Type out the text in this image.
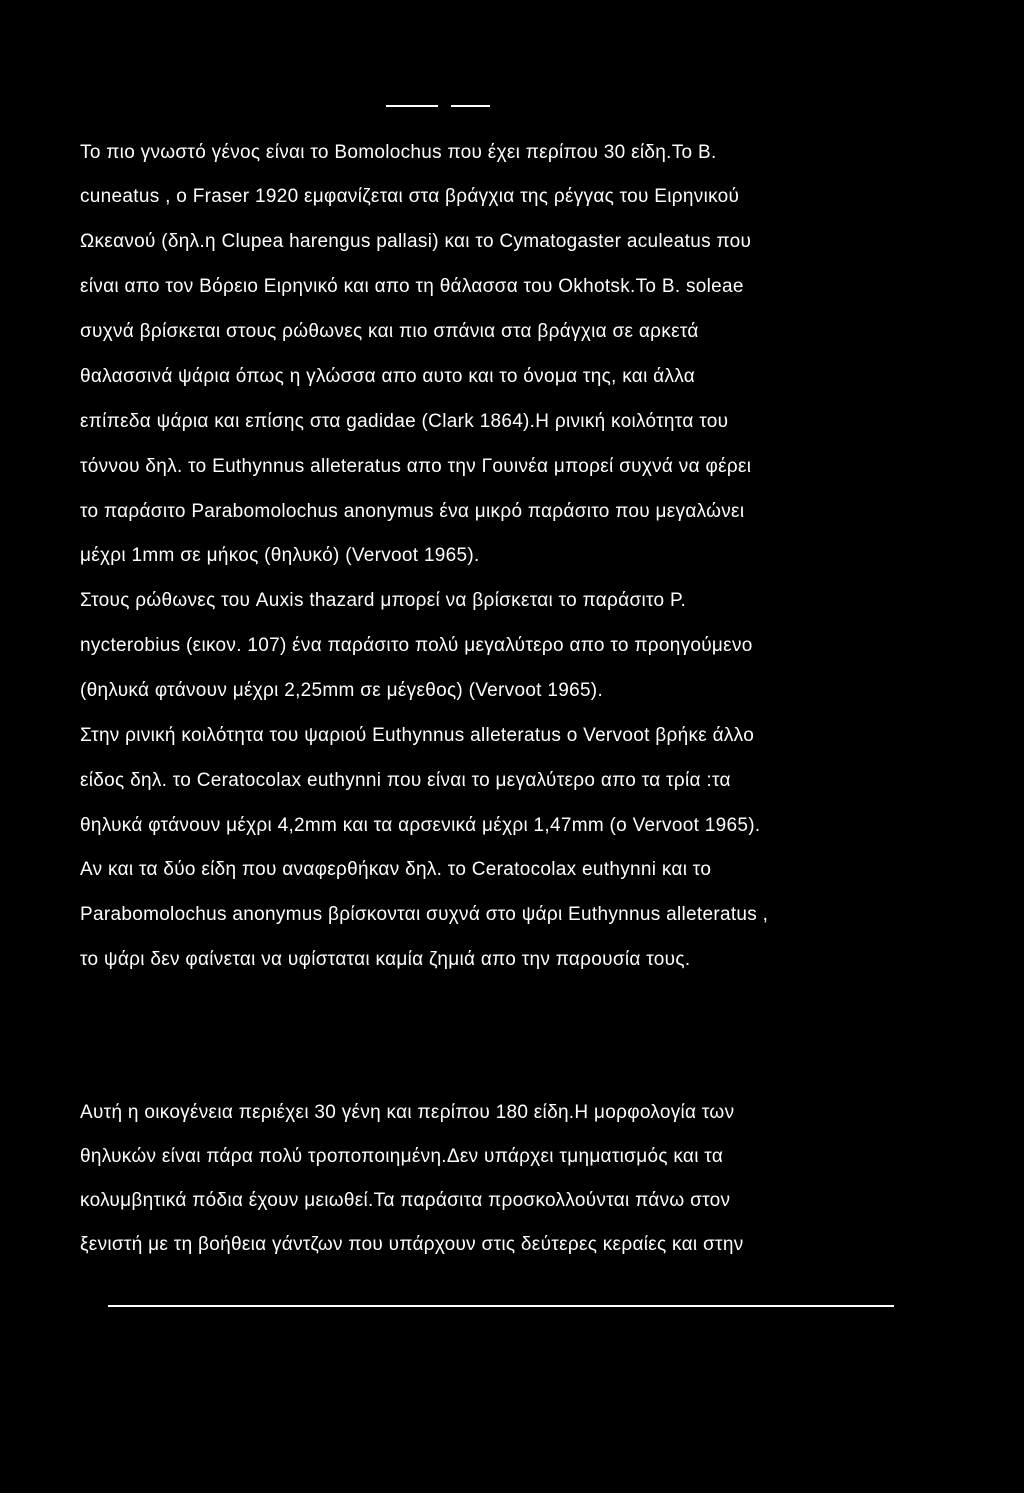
Το πιο γνωστό γένος είναι το Bomolochus που έχει περίπου 30 είδη.Το Β.
cuneatus , ο Fraser 1920 εμφανίζεται στα βράγχια της ρέγγας του Ειρηνικού
Ωκεανού (δηλ.η Clupea harengus pallasi) και το Cymatogaster aculeatus που
είναι απο τον Βόρειο Ειρηνικό και απο τη θάλασσα του Okhotsk.Το Β. soleae
συχνά βρίσκεται στους ρώθωνες και πιο σπάνια στα βράγχια σε αρκετά
θαλασσινά ψάρια όπως η γλώσσα απο αυτο και το όνομα της, και άλλα
επίπεδα ψάρια και επίσης στα gadidae (Clark 1864).Η ρινική κοιλότητα του
τόννου δηλ. το Euthynnus alleteratus απο την Γουινέα μπορεί συχνά να φέρει
το παράσιτο Parabomolochus anonymus ένα μικρό παράσιτο που μεγαλώνει
μέχρι 1mm σε μήκος (θηλυκό) (Vervoot 1965).
Στους ρώθωνες του Auxis thazard μπορεί να βρίσκεται το παράσιτο Ρ.
nycterobius (εικον. 107) ένα παράσιτο πολύ μεγαλύτερο απο το προηγούμενο
(θηλυκά φτάνουν μέχρι 2,25mm σε μέγεθος) (Vervoot 1965).
Στην ρινική κοιλότητα του ψαριού Euthynnus alleteratus ο Vervoot βρήκε άλλο
είδος δηλ. το Ceratocolax euthynni που είναι το μεγαλύτερο απο τα τρία :τα
θηλυκά φτάνουν μέχρι 4,2mm και τα αρσενικά μέχρι 1,47mm (ο Vervoot 1965).
Αν και τα δύο είδη που αναφερθήκαν δηλ. το Ceratocolax euthynni και το
Parabomolochus anonymus βρίσκονται συχνά στο ψάρι Euthynnus alleteratus ,
το ψάρι δεν φαίνεται να υφίσταται καμία ζημιά απο την παρουσία τους.
Αυτή η οικογένεια περιέχει 30 γένη και περίπου 180 είδη.Η μορφολογία των
θηλυκών είναι πάρα πολύ τροποποιημένη.Δεν υπάρχει τμηματισμός και τα
κολυμβητικά πόδια έχουν μειωθεί.Τα παράσιτα προσκολλούνται πάνω στον
ξενιστή με τη βοήθεια γάντζων που υπάρχουν στις δεύτερες κεραίες και στην
